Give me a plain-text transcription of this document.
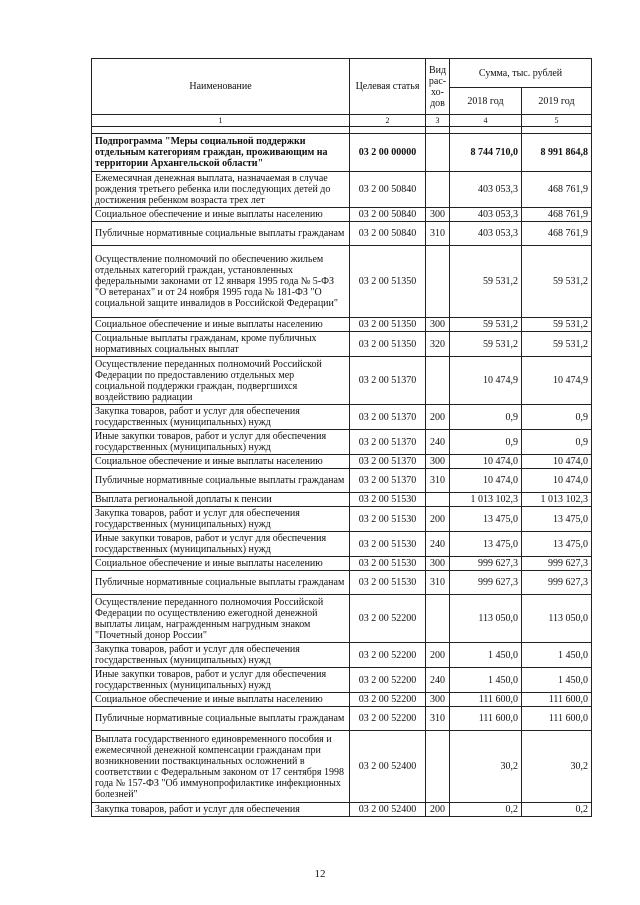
Наименование	Целевая статья	Вид рас-хо-дов	Сумма, тыс. рублей	
			2018 год	2019 год
1	2	3	4	5

Подпрограмма "Меры социальной поддержки отдельным категориям граждан, проживающим на территории Архангельской области"	03 2 00 00000		8 744 710,0	8 991 864,8
Ежемесячная денежная выплата, назначаемая в случае рождения третьего ребенка или последующих детей до достижения ребенком возраста трех лет	03 2 00 50840		403 053,3	468 761,9
Социальное обеспечение и иные выплаты населению	03 2 00 50840	300	403 053,3	468 761,9
Публичные нормативные социальные выплаты гражданам	03 2 00 50840	310	403 053,3	468 761,9
Осуществление полномочий по обеспечению жильем отдельных категорий граждан, установленных федеральными законами от 12 января 1995 года № 5-ФЗ "О ветеранах" и от 24 ноября 1995 года № 181-ФЗ "О социальной защите инвалидов в Российской Федерации"	03 2 00 51350		59 531,2	59 531,2
Социальное обеспечение и иные выплаты населению	03 2 00 51350	300	59 531,2	59 531,2
Социальные выплаты гражданам, кроме публичных нормативных социальных выплат	03 2 00 51350	320	59 531,2	59 531,2
Осуществление переданных полномочий Российской Федерации по предоставлению отдельных мер социальной поддержки граждан, подвергшихся воздействию радиации	03 2 00 51370		10 474,9	10 474,9
Закупка товаров, работ и услуг для обеспечения государственных (муниципальных) нужд	03 2 00 51370	200	0,9	0,9
Иные закупки товаров, работ и услуг для обеспечения государственных (муниципальных) нужд	03 2 00 51370	240	0,9	0,9
Социальное обеспечение и иные выплаты населению	03 2 00 51370	300	10 474,0	10 474,0
Публичные нормативные социальные выплаты гражданам	03 2 00 51370	310	10 474,0	10 474,0
Выплата региональной доплаты к пенсии	03 2 00 51530		1 013 102,3	1 013 102,3
Закупка товаров, работ и услуг для обеспечения государственных (муниципальных) нужд	03 2 00 51530	200	13 475,0	13 475,0
Иные закупки товаров, работ и услуг для обеспечения государственных (муниципальных) нужд	03 2 00 51530	240	13 475,0	13 475,0
Социальное обеспечение и иные выплаты населению	03 2 00 51530	300	999 627,3	999 627,3
Публичные нормативные социальные выплаты гражданам	03 2 00 51530	310	999 627,3	999 627,3
Осуществление переданного полномочия Российской Федерации по осуществлению ежегодной денежной выплаты лицам, награжденным нагрудным знаком "Почетный донор России"	03 2 00 52200		113 050,0	113 050,0
Закупка товаров, работ и услуг для обеспечения государственных (муниципальных) нужд	03 2 00 52200	200	1 450,0	1 450,0
Иные закупки товаров, работ и услуг для обеспечения государственных (муниципальных) нужд	03 2 00 52200	240	1 450,0	1 450,0
Социальное обеспечение и иные выплаты населению	03 2 00 52200	300	111 600,0	111 600,0
Публичные нормативные социальные выплаты гражданам	03 2 00 52200	310	111 600,0	111 600,0
Выплата государственного единовременного пособия и ежемесячной денежной компенсации гражданам при возникновении поствакцинальных осложнений в соответствии с Федеральным законом от 17 сентября 1998 года № 157-ФЗ "Об иммунопрофилактике инфекционных болезней"	03 2 00 52400		30,2	30,2
Закупка товаров, работ и услуг для обеспечения	03 2 00 52400	200	0,2	0,2
12
